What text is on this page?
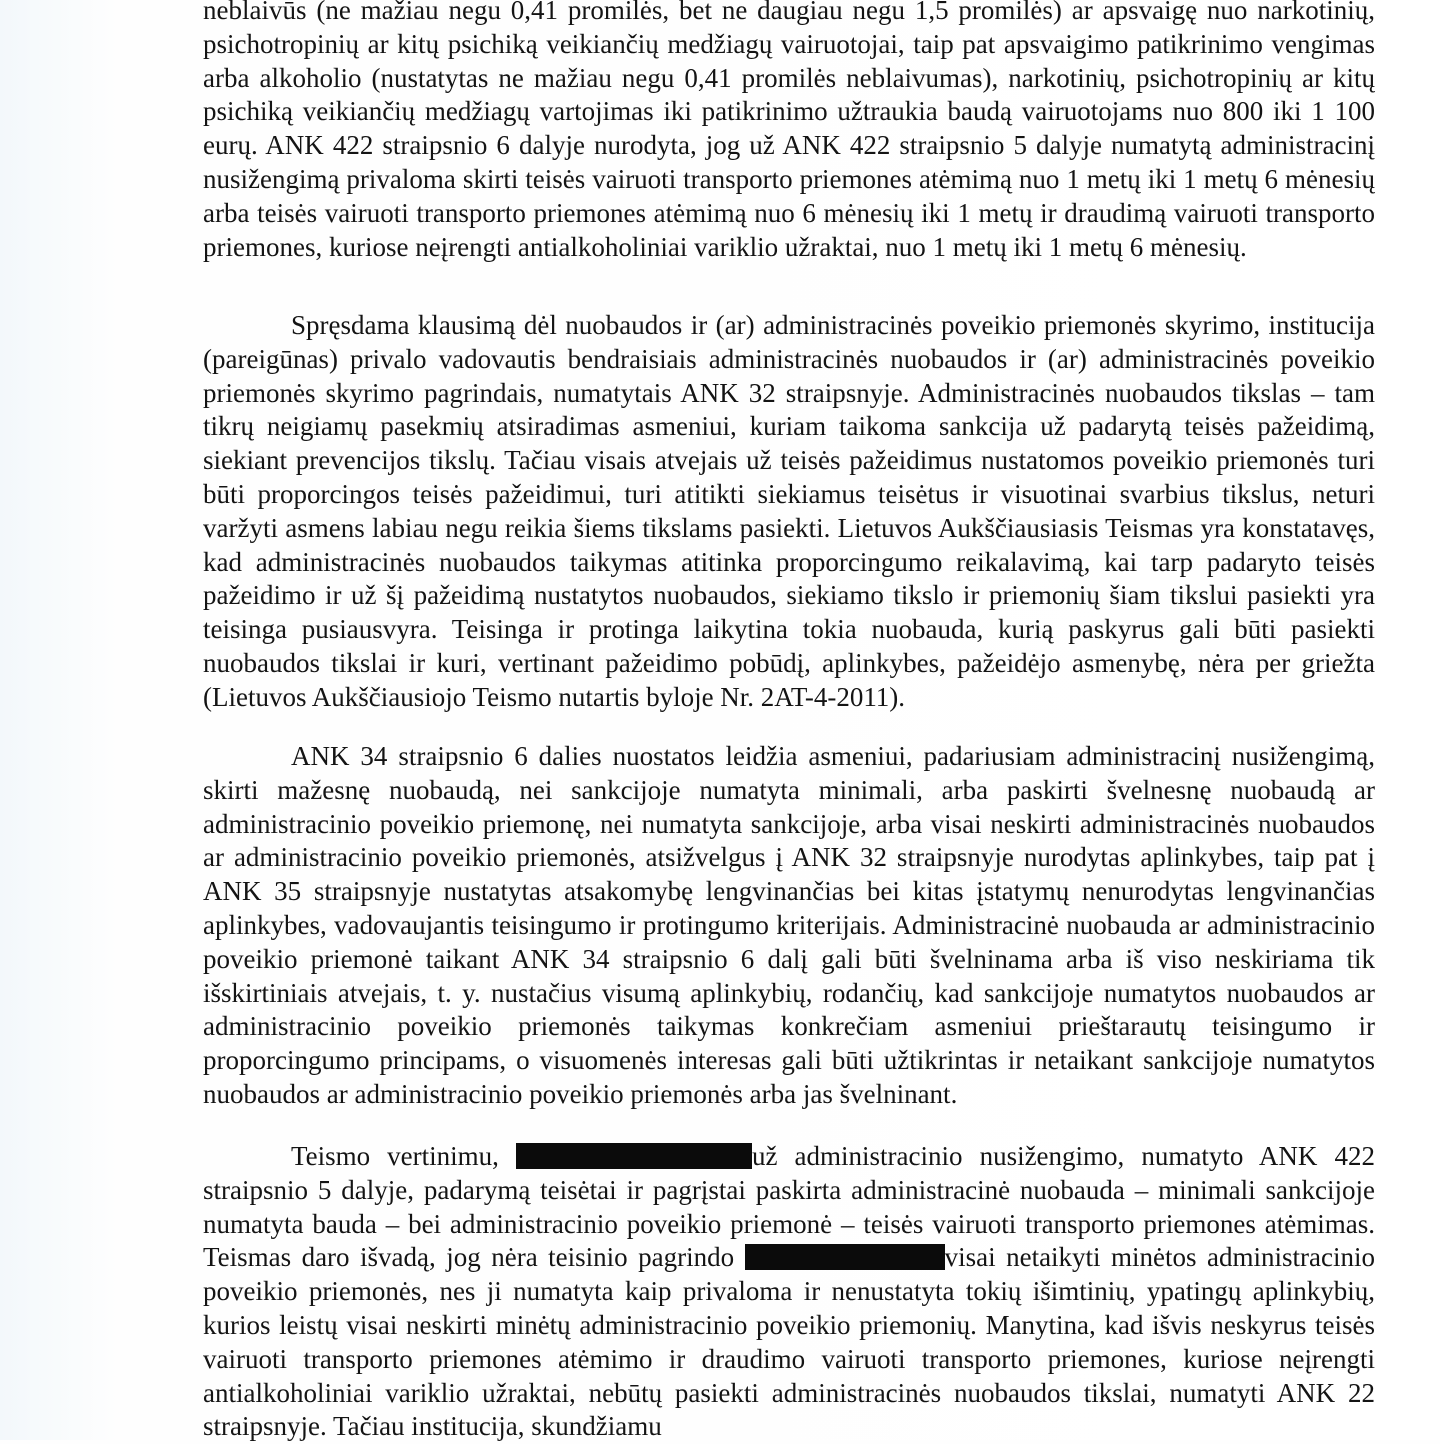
neblaivūs (ne mažiau negu 0,41 promilės, bet ne daugiau negu 1,5 promilės) ar apsvaigę nuo narkotinių, psichotropinių ar kitų psichiką veikiančių medžiagų vairuotojai, taip pat apsvaigimo patikrinimo vengimas arba alkoholio (nustatytas ne mažiau negu 0,41 promilės neblaivumas), narkotinių, psichotropinių ar kitų psichiką veikiančių medžiagų vartojimas iki patikrinimo užtraukia baudą vairuotojams nuo 800 iki 1 100 eurų. ANK 422 straipsnio 6 dalyje nurodyta, jog už ANK 422 straipsnio 5 dalyje numatytą administracinį nusižengimą privaloma skirti teisės vairuoti transporto priemones atėmimą nuo 1 metų iki 1 metų 6 mėnesių arba teisės vairuoti transporto priemones atėmimą nuo 6 mėnesių iki 1 metų ir draudimą vairuoti transporto priemones, kuriose neįrengti antialkoholiniai variklio užraktai, nuo 1 metų iki 1 metų 6 mėnesių.

Spręsdama klausimą dėl nuobaudos ir (ar) administracinės poveikio priemonės skyrimo, institucija (pareigūnas) privalo vadovautis bendraisiais administracinės nuobaudos ir (ar) administracinės poveikio priemonės skyrimo pagrindais, numatytais ANK 32 straipsnyje. Administracinės nuobaudos tikslas – tam tikrų neigiamų pasekmių atsiradimas asmeniui, kuriam taikoma sankcija už padarytą teisės pažeidimą, siekiant prevencijos tikslų. Tačiau visais atvejais už teisės pažeidimus nustatomos poveikio priemonės turi būti proporcingos teisės pažeidimui, turi atitikti siekiamus teisėtus ir visuotinai svarbius tikslus, neturi varžyti asmens labiau negu reikia šiems tikslams pasiekti. Lietuvos Aukščiausiasis Teismas yra konstatavęs, kad administracinės nuobaudos taikymas atitinka proporcingumo reikalavimą, kai tarp padaryto teisės pažeidimo ir už šį pažeidimą nustatytos nuobaudos, siekiamo tikslo ir priemonių šiam tikslui pasiekti yra teisinga pusiausvyra. Teisinga ir protinga laikytina tokia nuobauda, kurią paskyrus gali būti pasiekti nuobaudos tikslai ir kuri, vertinant pažeidimo pobūdį, aplinkybes, pažeidėjo asmenybę, nėra per griežta (Lietuvos Aukščiausiojo Teismo nutartis byloje Nr. 2AT-4-2011).

ANK 34 straipsnio 6 dalies nuostatos leidžia asmeniui, padariusiam administracinį nusižengimą, skirti mažesnę nuobaudą, nei sankcijoje numatyta minimali, arba paskirti švelnesnę nuobaudą ar administracinio poveikio priemonę, nei numatyta sankcijoje, arba visai neskirti administracinės nuobaudos ar administracinio poveikio priemonės, atsižvelgus į ANK 32 straipsnyje nurodytas aplinkybes, taip pat į ANK 35 straipsnyje nustatytas atsakomybę lengvinančias bei kitas įstatymų nenurodytas lengvinančias aplinkybes, vadovaujantis teisingumo ir protingumo kriterijais. Administracinė nuobauda ar administracinio poveikio priemonė taikant ANK 34 straipsnio 6 dalį gali būti švelninama arba iš viso neskiriama tik išskirtiniais atvejais, t. y. nustačius visumą aplinkybių, rodančių, kad sankcijoje numatytos nuobaudos ar administracinio poveikio priemonės taikymas konkrečiam asmeniui prieštarautų teisingumo ir proporcingumo principams, o visuomenės interesas gali būti užtikrintas ir netaikant sankcijoje numatytos nuobaudos ar administracinio poveikio priemonės arba jas švelninant.

Teismo vertinimu,	už administracinio nusižengimo, numatyto ANK 422 straipsnio 5 dalyje, padarymą teisėtai ir pagrįstai paskirta administracinė nuobauda – minimali sankcijoje numatyta bauda – bei administracinio poveikio priemonė – teisės vairuoti transporto priemones atėmimas. Teismas daro išvadą, jog nėra teisinio pagrindo	visai netaikyti minėtos administracinio poveikio priemonės, nes ji numatyta kaip privaloma ir nenustatyta tokių išimtinių, ypatingų aplinkybių, kurios leistų visai neskirti minėtų administracinio poveikio priemonių. Manytina, kad išvis neskyrus teisės vairuoti transporto priemones atėmimo ir draudimo vairuoti transporto priemones, kuriose neįrengti antialkoholiniai variklio užraktai, nebūtų pasiekti administracinės nuobaudos tikslai, numatyti ANK 22 straipsnyje. Tačiau institucija, skundžiamu
